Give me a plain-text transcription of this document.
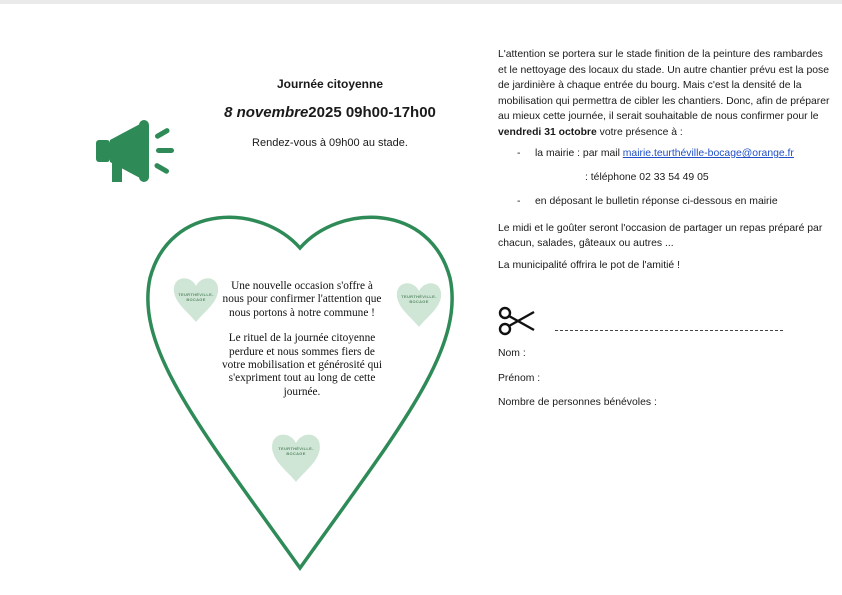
Journée citoyenne
8 novembre2025 09h00-17h00
Rendez-vous à 09h00 au stade.
TEURTHÉVILLE-BOCAGE
TEURTHÉVILLE-BOCAGE
TEURTHÉVILLE-BOCAGE

Une nouvelle occasion s'offre à nous pour confirmer l'attention que nous portons à notre commune !

Le rituel de la journée citoyenne perdure et nous sommes fiers de votre mobilisation et générosité qui s'expriment tout au long de cette journée.

L'attention se portera sur le stade finition de la peinture des rambardes et le nettoyage des locaux du stade. Un autre chantier prévu est la pose de jardinière à chaque entrée du bourg. Mais c'est la densité de la mobilisation qui permettra de cibler les chantiers. Donc, afin de préparer au mieux cette journée, il serait souhaitable de nous confirmer pour le vendredi 31 octobre votre présence à :
- la mairie : par mail mairie.teurthéville-bocage@orange.fr
: téléphone 02 33 54 49 05
- en déposant le bulletin réponse ci-dessous en mairie
Le midi et le goûter seront l'occasion de partager un repas préparé par chacun, salades, gâteaux ou autres ...
La municipalité offrira le pot de l'amitié !
Nom :
Prénom :
Nombre de personnes bénévoles :
